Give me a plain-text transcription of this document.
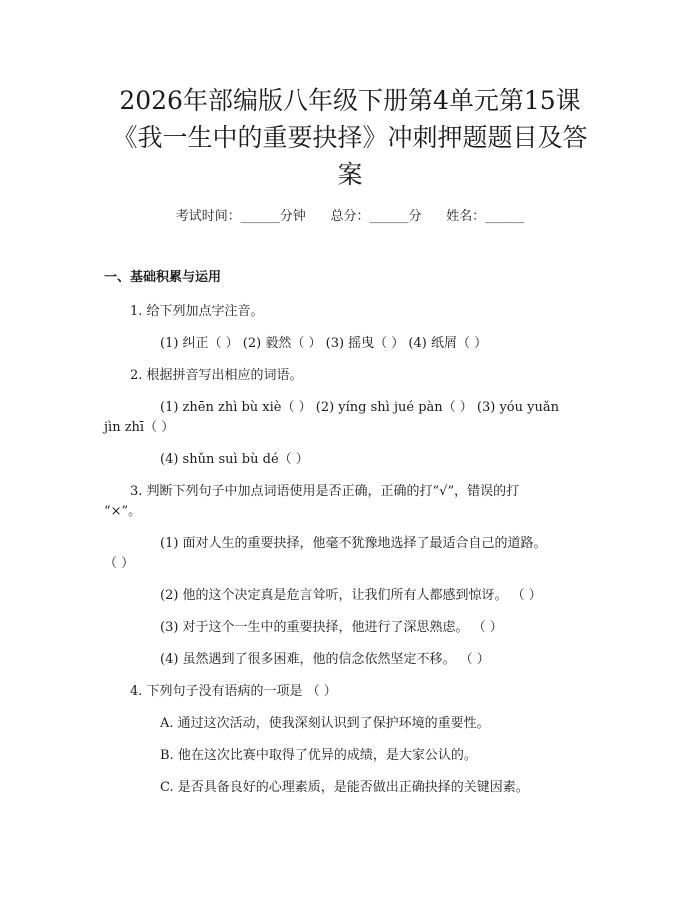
2026年部编版八年级下册第4单元第15课
《我一生中的重要抉择》冲刺押题题目及答
案
考试时间：______分钟      总分：______分      姓名：______
一、基础积累与运用
1. 给下列加点字注音。
(1) 纠正（ ） (2) 毅然（ ） (3) 摇曳（ ） (4) 纸屑（ ）
2. 根据拼音写出相应的词语。
(1) zhēn zhì bù xiè（ ） (2) yíng shì jué pàn（ ） (3) yóu yuǎn
jìn zhī（ ）
(4) shǔn suì bù dé（ ）
3. 判断下列句子中加点词语使用是否正确，正确的打“√”，错误的打
“×”。
(1) 面对人生的重要抉择，他毫不犹豫地选择了最适合自己的道路。
（ ）
(2) 他的这个决定真是危言耸听，让我们所有人都感到惊讶。 （ ）
(3) 对于这个一生中的重要抉择，他进行了深思熟虑。 （ ）
(4) 虽然遇到了很多困难，他的信念依然坚定不移。 （ ）
4. 下列句子没有语病的一项是 （ ）
A. 通过这次活动，使我深刻认识到了保护环境的重要性。
B. 他在这次比赛中取得了优异的成绩，是大家公认的。
C. 是否具备良好的心理素质，是能否做出正确抉择的关键因素。
